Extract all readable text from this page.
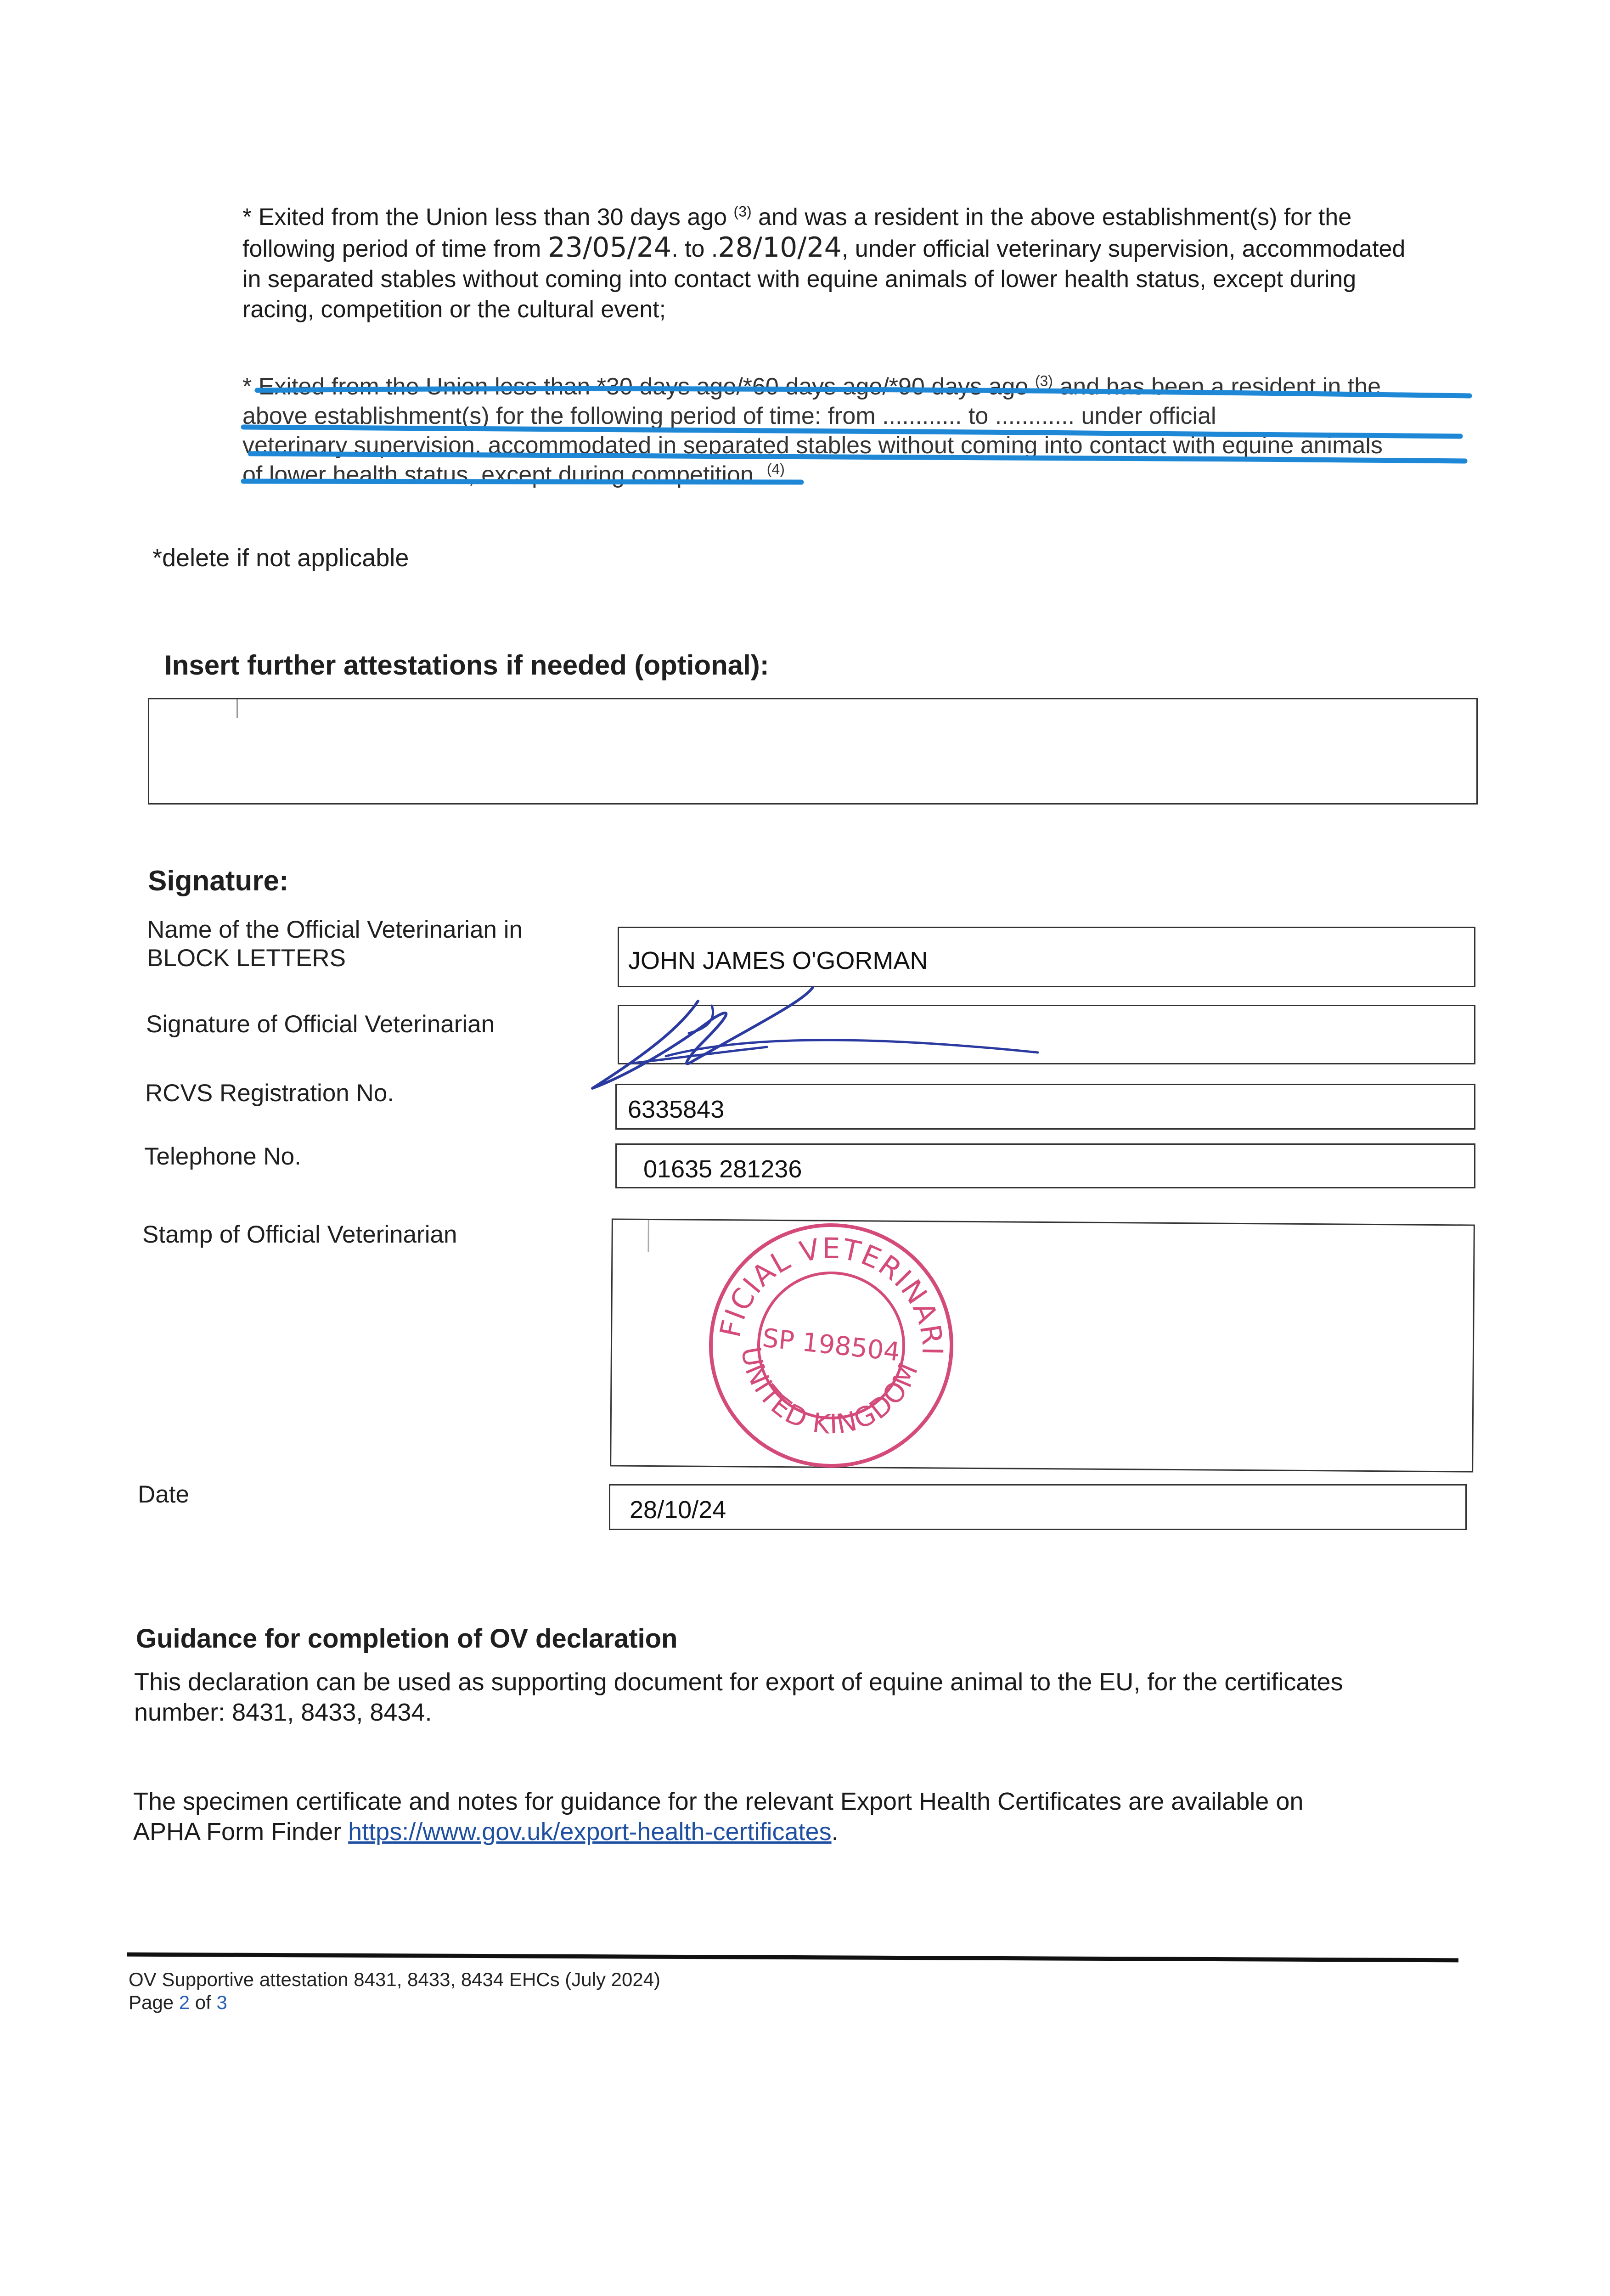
* Exited from the Union less than 30 days ago $^{(3)}$ and was a resident in the above establishment(s) for the
following period of time from 23/05/24. to .28/10/24, under official veterinary supervision, accommodated
in separated stables without coming into contact with equine animals of lower health status, except during
racing, competition or the cultural event;
* Exited from the Union less than *30 days ago/*60 days ago/*90 days ago $^{(3)}$ and has been a resident in the
above establishment(s) for the following period of time: from ............ to ............ under official
veterinary supervision, accommodated in separated stables without coming into contact with equine animals
of lower health status, except during competition. $^{(4)}$
*delete if not applicable
Insert further attestations if needed (optional):
Signature:
Name of the Official Veterinarian in
BLOCK LETTERS	JOHN JAMES O'GORMAN
Signature of Official Veterinarian
RCVS Registration No.
6335843
Telephone No.	01635 281236
Stamp of Official Veterinarian
OFFICIAL VETERINARIAN
UNITED KINGDOM
SP 198504
Date
28/10/24
Guidance for completion of OV declaration
This declaration can be used as supporting document for export of equine animal to the EU, for the certificates
number: 8431, 8433, 8434.
The specimen certificate and notes for guidance for the relevant Export Health Certificates are available on
APHA Form Finder https://www.gov.uk/export-health-certificates.
OV Supportive attestation 8431, 8433, 8434 EHCs (July 2024)
Page 2 of 3
